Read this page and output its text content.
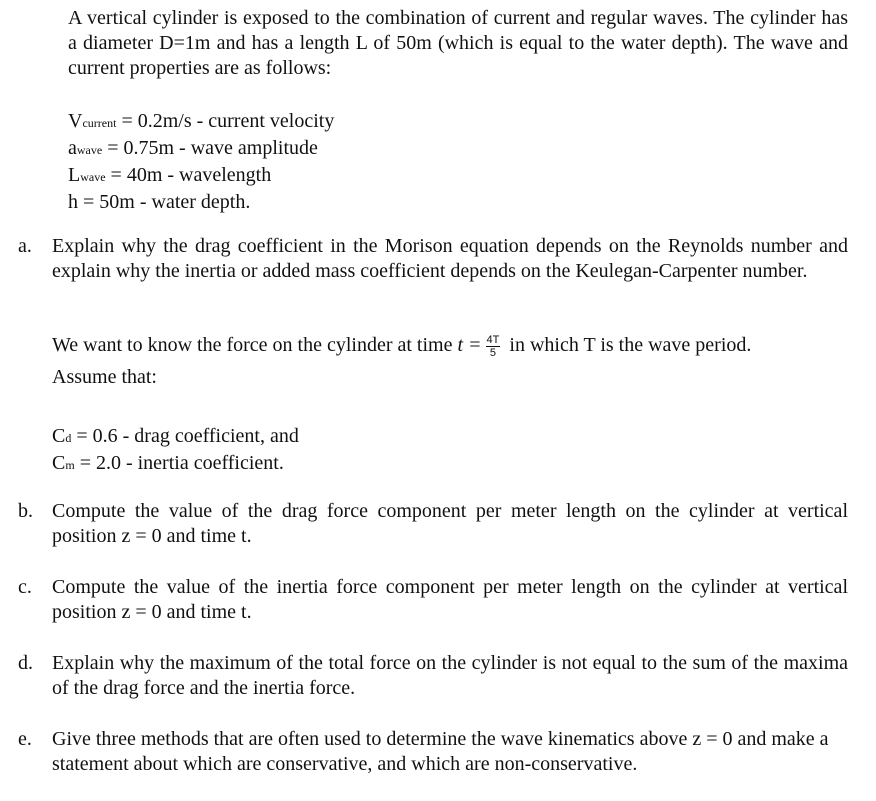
A vertical cylinder is exposed to the combination of current and regular waves. The cylinder has a diameter D=1m and has a length L of 50m (which is equal to the water depth). The wave and current properties are as follows:
Vcurrent = 0.2m/s - current velocity
awave = 0.75m - wave amplitude
Lwave = 40m - wavelength
h = 50m - water depth.
a.	Explain why the drag coefficient in the Morison equation depends on the Reynolds number and explain why the inertia or added mass coefficient depends on the Keulegan-Carpenter number.
We want to know the force on the cylinder at time $t = \frac{4T}{5}$ in which T is the wave period.
Assume that:
Cd = 0.6 - drag coefficient, and
Cm = 2.0 - inertia coefficient.
b. Compute the value of the drag force component per meter length on the cylinder at vertical position z = 0 and time t.
c.	Compute the value of the inertia force component per meter length on the cylinder at vertical position z = 0 and time t.
d. Explain why the maximum of the total force on the cylinder is not equal to the sum of the maxima of the drag force and the inertia force.
e.	Give three methods that are often used to determine the wave kinematics above z = 0 and make a statement about which are conservative, and which are non-conservative.
